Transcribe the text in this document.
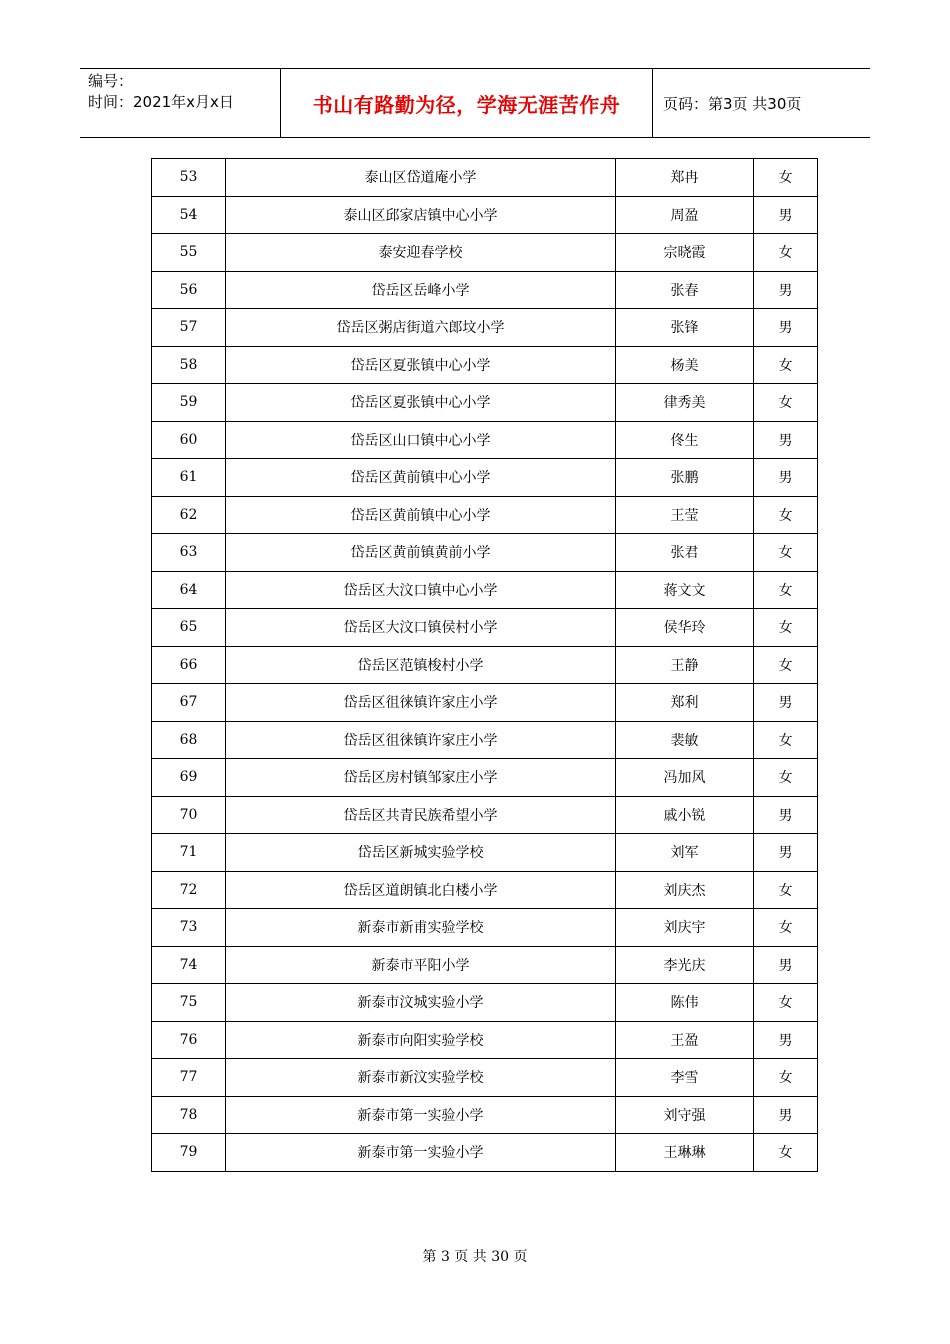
编号：
时间：2021年x月x日	书山有路勤为径，学海无涯苦作舟	页码：第3页 共30页
53	泰山区岱道庵小学	郑冉	女
54	泰山区邱家店镇中心小学	周盈	男
55	泰安迎春学校	宗晓霞	女
56	岱岳区岳峰小学	张春	男
57	岱岳区粥店街道六郎坟小学	张锋	男
58	岱岳区夏张镇中心小学	杨美	女
59	岱岳区夏张镇中心小学	律秀美	女
60	岱岳区山口镇中心小学	佟生	男
61	岱岳区黄前镇中心小学	张鹏	男
62	岱岳区黄前镇中心小学	王莹	女
63	岱岳区黄前镇黄前小学	张君	女
64	岱岳区大汶口镇中心小学	蒋文文	女
65	岱岳区大汶口镇侯村小学	侯华玲	女
66	岱岳区范镇梭村小学	王静	女
67	岱岳区徂徕镇许家庄小学	郑利	男
68	岱岳区徂徕镇许家庄小学	裴敏	女
69	岱岳区房村镇邹家庄小学	冯加风	女
70	岱岳区共青民族希望小学	戚小锐	男
71	岱岳区新城实验学校	刘军	男
72	岱岳区道朗镇北白楼小学	刘庆杰	女
73	新泰市新甫实验学校	刘庆宇	女
74	新泰市平阳小学	李光庆	男
75	新泰市汶城实验小学	陈伟	女
76	新泰市向阳实验学校	王盈	男
77	新泰市新汶实验学校	李雪	女
78	新泰市第一实验小学	刘守强	男
79	新泰市第一实验小学	王琳琳	女
第 3 页 共 30 页
